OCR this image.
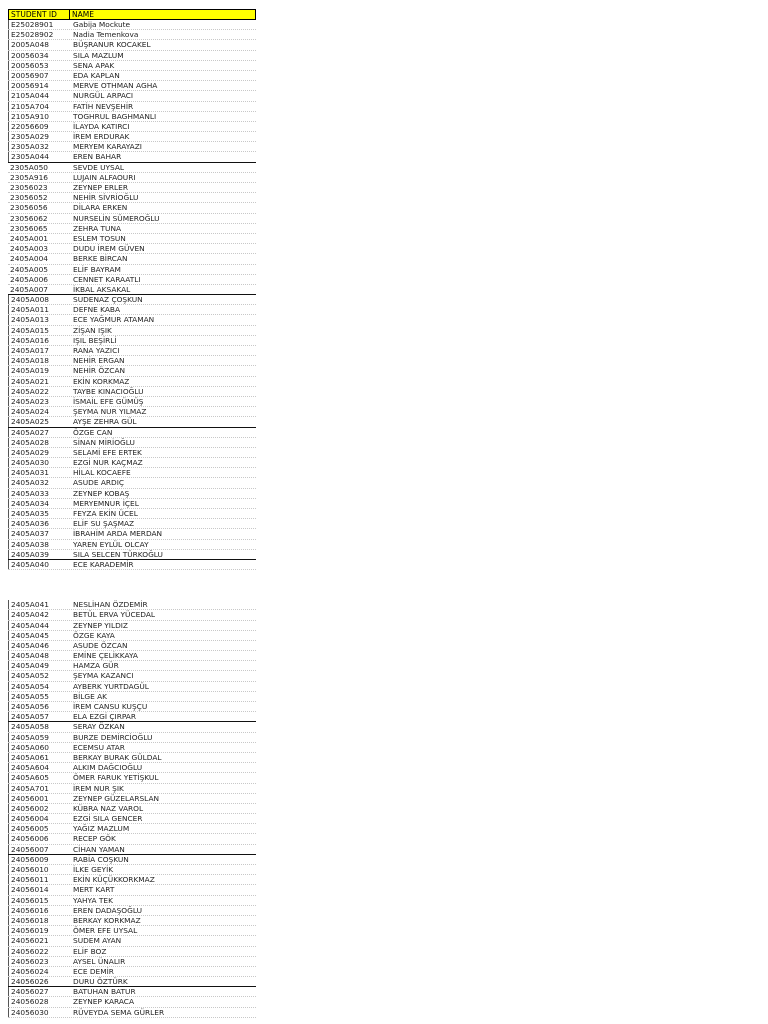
STUDENT ID	NAME
E25028901	Gabija Mockute
E25028902	Nadia Temenkova
2005A048	BÜŞRANUR KOCAKEL
20056034	SILA MAZLUM
20056053	SENA APAK
20056907	EDA KAPLAN
20056914	MERVE OTHMAN AGHA
2105A044	NURGÜL ARPACI
2105A704	FATİH NEVŞEHİR
2105A910	TOGHRUL BAGHMANLI
22056609	İLAYDA KATIRCI
2305A029	İREM ERDURAK
2305A032	MERYEM KARAYAZI
2305A044	EREN BAHAR
2305A050	SEVDE UYSAL
2305A916	LUJAIN ALFAOURI
23056023	ZEYNEP ERLER
23056052	NEHİR SİVRİOĞLU
23056056	DİLARA ERKEN
23056062	NURSELİN SÜMEROĞLU
23056065	ZEHRA TUNA
2405A001	ESLEM TOSUN
2405A003	DUDU İREM GÜVEN
2405A004	BERKE BİRCAN
2405A005	ELİF BAYRAM
2405A006	CENNET KARAATLI
2405A007	İKBAL AKSAKAL
2405A008	SUDENAZ ÇOŞKUN
2405A011	DEFNE KABA
2405A013	ECE YAĞMUR ATAMAN
2405A015	ZİŞAN IŞIK
2405A016	IŞIL BEŞİRLİ
2405A017	RANA YAZICI
2405A018	NEHİR ERGAN
2405A019	NEHİR ÖZCAN
2405A021	EKİN KORKMAZ
2405A022	TAYBE KINACIOĞLU
2405A023	İSMAİL EFE GÜMÜŞ
2405A024	ŞEYMA NUR YILMAZ
2405A025	AYŞE ZEHRA GÜL
2405A027	ÖZGE CAN
2405A028	SİNAN MİRİOĞLU
2405A029	SELAMİ EFE ERTEK
2405A030	EZGİ NUR KAÇMAZ
2405A031	HİLAL KOCAEFE
2405A032	ASUDE ARDIÇ
2405A033	ZEYNEP KOBAŞ
2405A034	MERYEMNUR İÇEL
2405A035	FEYZA EKİN ÜCEL
2405A036	ELİF SU ŞAŞMAZ
2405A037	İBRAHİM ARDA MERDAN
2405A038	YAREN EYLÜL OLCAY
2405A039	SILA SELCEN TÜRKOĞLU
2405A040	ECE KARADEMİR
2405A041	NESLİHAN ÖZDEMİR
2405A042	BETÜL ERVA YÜCEDAL
2405A044	ZEYNEP YILDIZ
2405A045	ÖZGE KAYA
2405A046	ASUDE ÖZCAN
2405A048	EMİNE ÇELİKKAYA
2405A049	HAMZA GÜR
2405A052	ŞEYMA KAZANCI
2405A054	AYBERK YURTDAGÜL
2405A055	BİLGE AK
2405A056	İREM CANSU KUŞÇU
2405A057	ELA EZGİ ÇIRPAR
2405A058	SERAY ÖZKAN
2405A059	BURZE DEMİRCİOĞLU
2405A060	ECEMSU ATAR
2405A061	BERKAY BURAK GÜLDAL
2405A604	ALKIM DAĞCIOĞLU
2405A605	ÖMER FARUK YETİŞKUL
2405A701	İREM NUR ŞIK
24056001	ZEYNEP GÜZELARSLAN
24056002	KÜBRA NAZ VAROL
24056004	EZGİ SILA GENCER
24056005	YAĞIZ MAZLUM
24056006	RECEP GÖK
24056007	CİHAN YAMAN
24056009	RABİA COŞKUN
24056010	İLKE GEYİK
24056011	EKİN KÜÇÜKKORKMAZ
24056014	MERT KART
24056015	YAHYA TEK
24056016	EREN DADAŞOĞLU
24056018	BERKAY KORKMAZ
24056019	ÖMER EFE UYSAL
24056021	SUDEM AYAN
24056022	ELİF BOZ
24056023	AYSEL ÜNALIR
24056024	ECE DEMİR
24056026	DURU ÖZTÜRK
24056027	BATUHAN BATUR
24056028	ZEYNEP KARACA
24056030	RÜVEYDA SEMA GÜRLER
